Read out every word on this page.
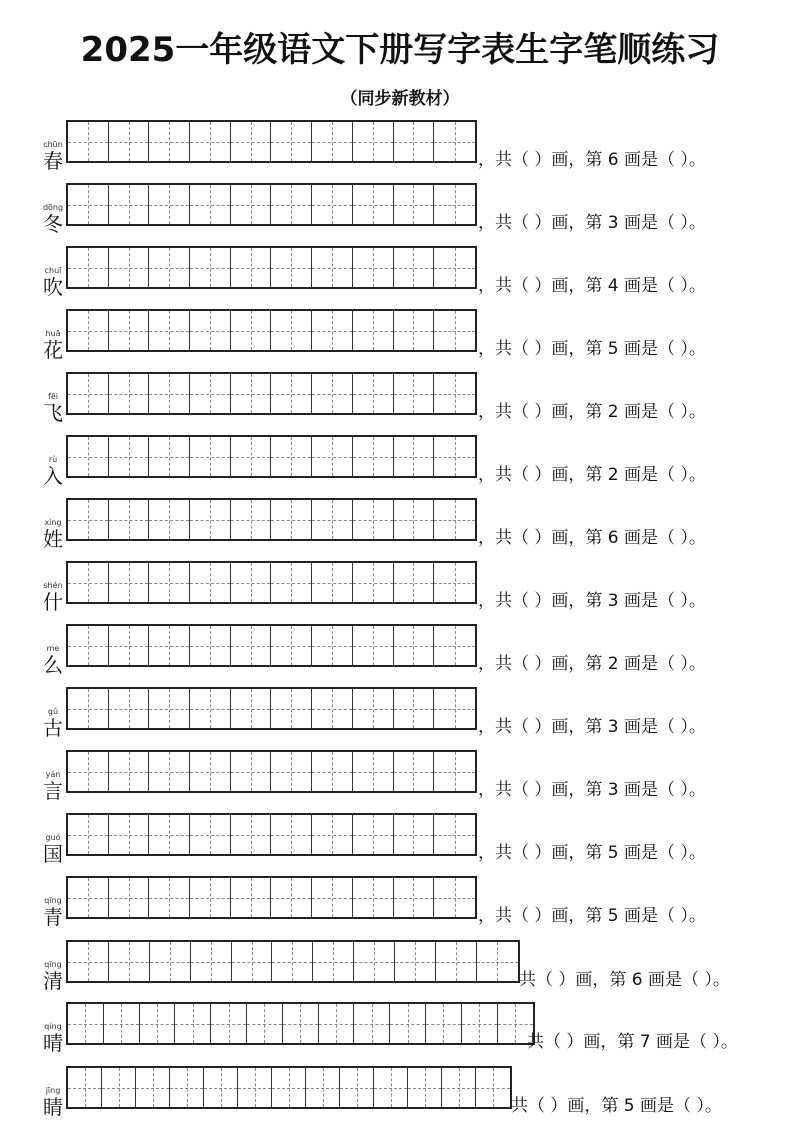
2025一年级语文下册写字表生字笔顺练习
（同步新教材）
chūn
春	，共（ ）画，第 6 画是（ ）。
dōng
冬	，共（ ）画，第 3 画是（ ）。
chuī
吹	，共（ ）画，第 4 画是（ ）。
huā
花	，共（ ）画，第 5 画是（ ）。
fēi
飞	，共（ ）画，第 2 画是（ ）。
rù
入	，共（ ）画，第 2 画是（ ）。
xìng
姓	，共（ ）画，第 6 画是（ ）。
shén
什	，共（ ）画，第 3 画是（ ）。
me
么	，共（ ）画，第 2 画是（ ）。
gǔ
古	，共（ ）画，第 3 画是（ ）。
yán
言	，共（ ）画，第 3 画是（ ）。
guó
国	，共（ ）画，第 5 画是（ ）。
qīng
青	，共（ ）画，第 5 画是（ ）。
qīng
清	共（ ）画，第 6 画是（ ）。
qíng
晴	共（ ）画，第 7 画是（ ）。
jīng
睛	共（ ）画，第 5 画是（ ）。
